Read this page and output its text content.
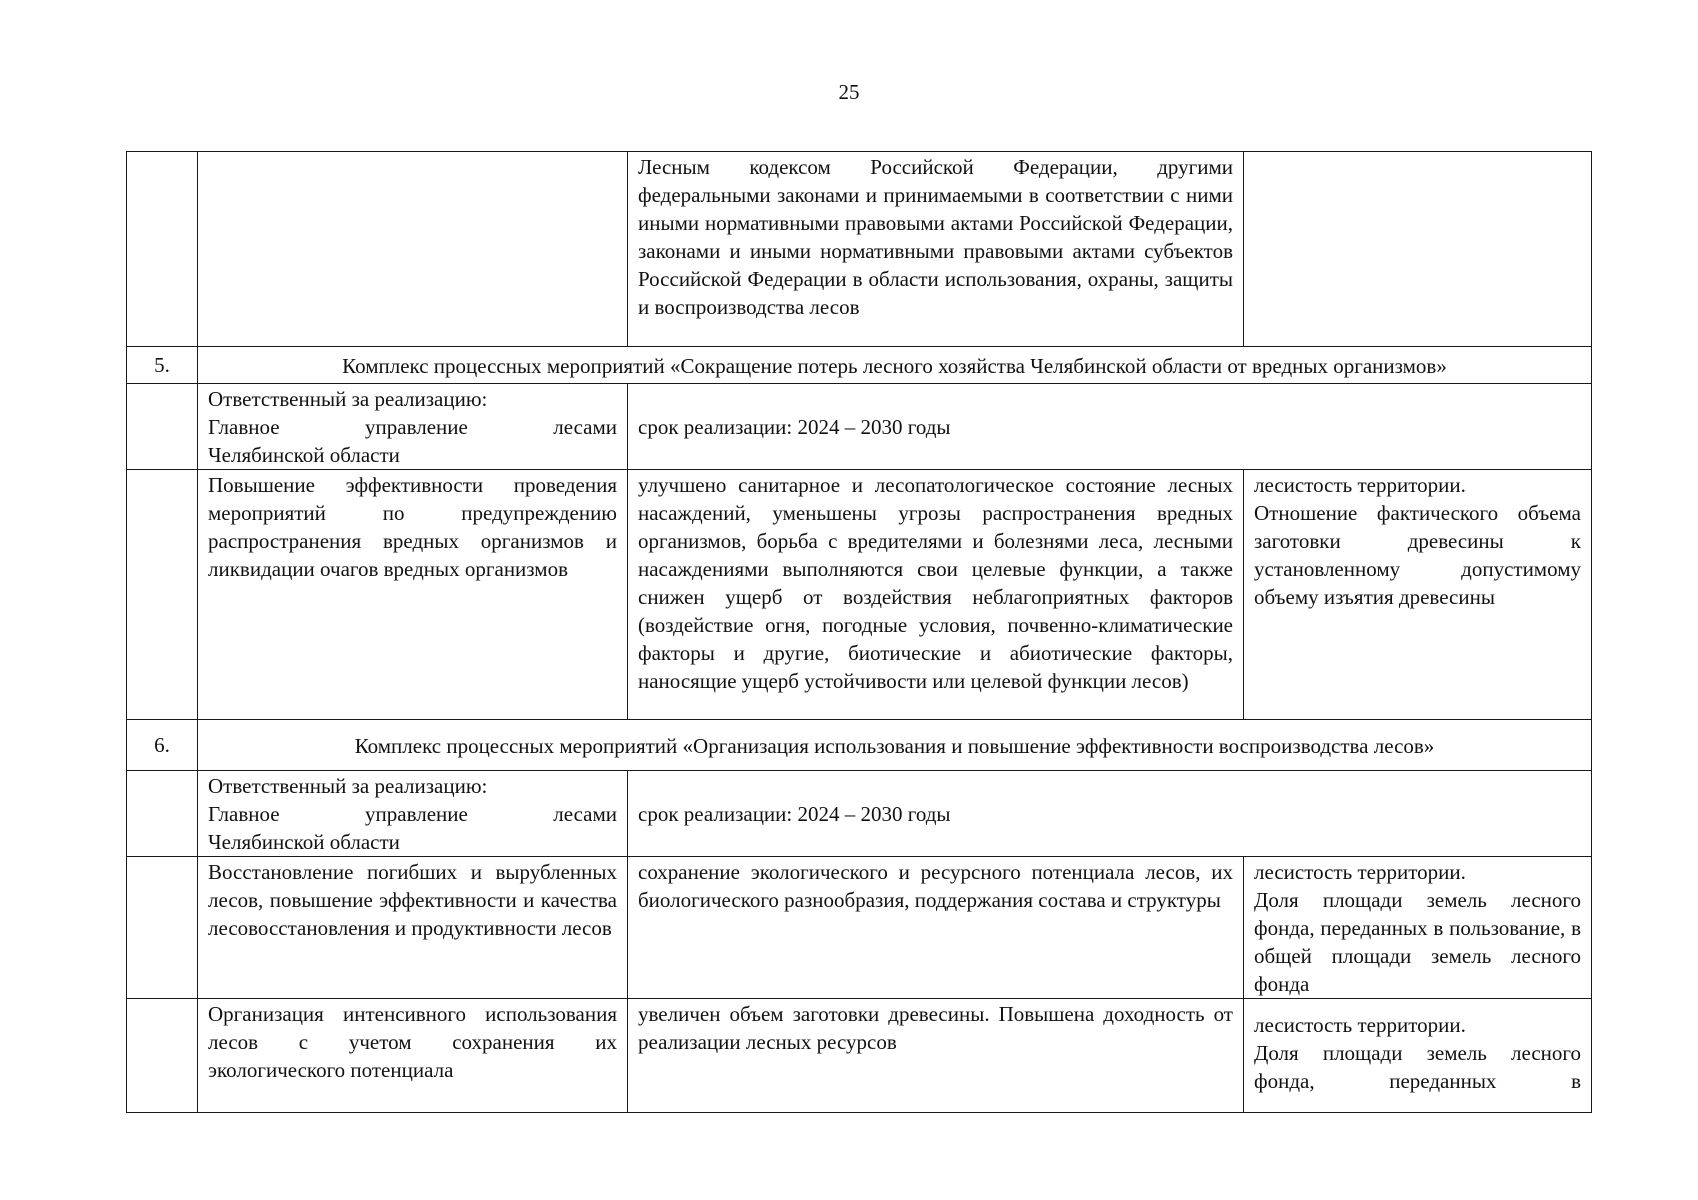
25
		Лесным кодексом Российской Федерации, другими федеральными законами и принимаемыми в соответствии с ними иными нормативными правовыми актами Российской Федерации, законами и иными нормативными правовыми актами субъектов Российской Федерации в области использования, охраны, защиты и воспроизводства лесов	
5.	Комплекс процессных мероприятий «Сокращение потерь лесного хозяйства Челябинской области от вредных организмов»		

	Ответственный за реализацию:
Главное управление лесами
Челябинской области	срок реализации: 2024 – 2030 годы	
	Повышение эффективности проведения мероприятий по предупреждению распространения вредных организмов и ликвидации очагов вредных организмов	улучшено санитарное и лесопатологическое состояние лесных насаждений, уменьшены угрозы распространения вредных организмов, борьба с вредителями и болезнями леса, лесными насаждениями выполняются свои целевые функции, а также снижен ущерб от воздействия неблагоприятных факторов (воздействие огня, погодные условия, почвенно-климатические факторы и другие, биотические и абиотические факторы, наносящие ущерб устойчивости или целевой функции лесов)	лесистость территории.
Отношение фактического объема заготовки древесины к установленному допустимому объему изъятия древесины

6.	Комплекс процессных мероприятий «Организация использования и повышение эффективности воспроизводства лесов»		

	Ответственный за реализацию:
Главное управление лесами
Челябинской области	срок реализации: 2024 – 2030 годы	
	Восстановление погибших и вырубленных лесов, повышение эффективности и качества лесовосстановления и продуктивности лесов	сохранение экологического и ресурсного потенциала лесов, их биологического разнообразия, поддержания состава и структуры	лесистость территории.
Доля площади земель лесного фонда, переданных в пользование, в общей площади земель лесного фонда

	Организация интенсивного использования лесов с учетом сохранения их экологического потенциала	увеличен объем заготовки древесины. Повышена доходность от реализации лесных ресурсов	лесистость территории.
Доля площади земель лесного фонда, переданных в
